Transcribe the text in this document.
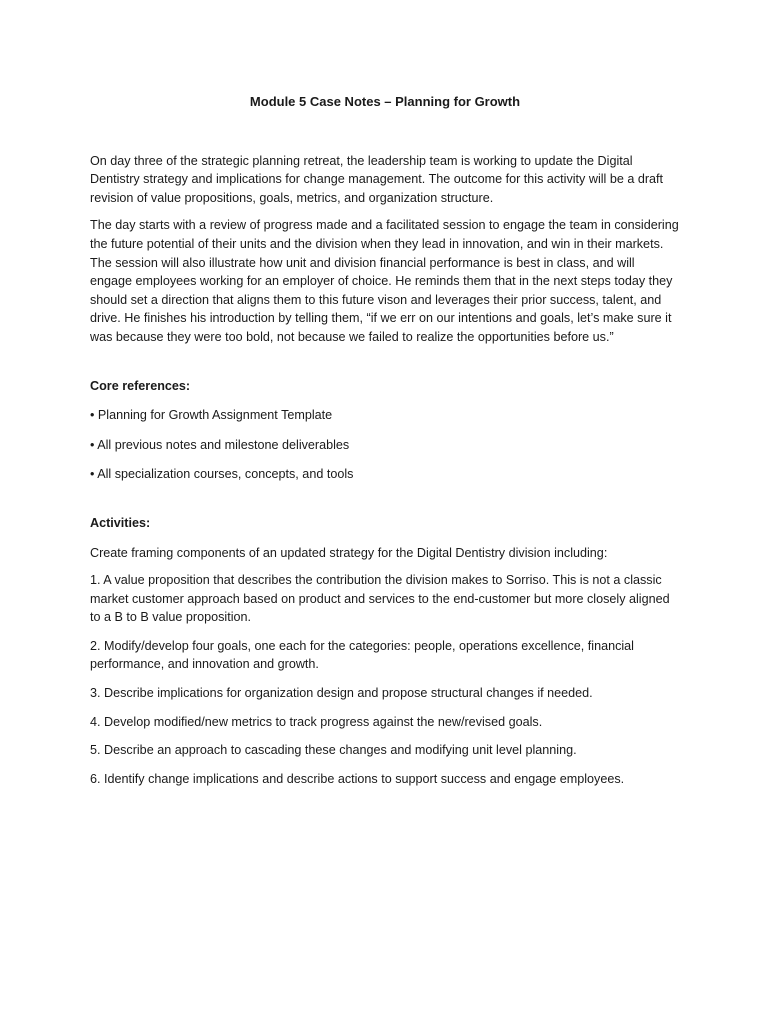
Module 5 Case Notes – Planning for Growth

On day three of the strategic planning retreat, the leadership team is working to update the Digital Dentistry strategy and implications for change management. The outcome for this activity will be a draft revision of value propositions, goals, metrics, and organization structure.

The day starts with a review of progress made and a facilitated session to engage the team in considering the future potential of their units and the division when they lead in innovation, and win in their markets. The session will also illustrate how unit and division financial performance is best in class, and will engage employees working for an employer of choice. He reminds them that in the next steps today they should set a direction that aligns them to this future vison and leverages their prior success, talent, and drive. He finishes his introduction by telling them, “if we err on our intentions and goals, let’s make sure it was because they were too bold, not because we failed to realize the opportunities before us.”

Core references:
• Planning for Growth Assignment Template
• All previous notes and milestone deliverables
• All specialization courses, concepts, and tools
Activities:

Create framing components of an updated strategy for the Digital Dentistry division including:

1. A value proposition that describes the contribution the division makes to Sorriso. This is not a classic market customer approach based on product and services to the end-customer but more closely aligned to a B to B value proposition.
2. Modify/develop four goals, one each for the categories: people, operations excellence, financial performance, and innovation and growth.
3. Describe implications for organization design and propose structural changes if needed.
4. Develop modified/new metrics to track progress against the new/revised goals.
5. Describe an approach to cascading these changes and modifying unit level planning.
6. Identify change implications and describe actions to support success and engage employees.
